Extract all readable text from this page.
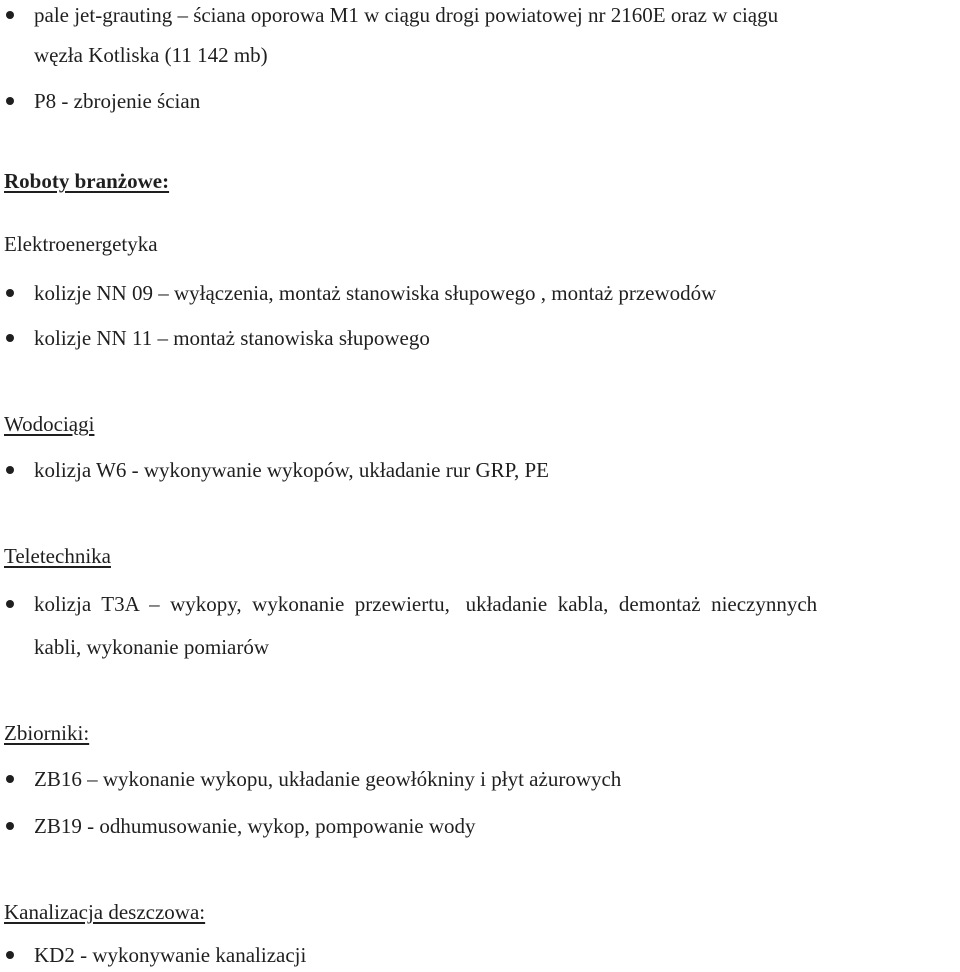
pale jet-grauting – ściana oporowa M1 w ciągu drogi powiatowej nr 2160E oraz w ciągu
węzła Kotliska (11 142 mb)
P8 - zbrojenie ścian
Roboty branżowe:
Elektroenergetyka
kolizje NN 09 – wyłączenia, montaż stanowiska słupowego , montaż przewodów
kolizje NN 11 – montaż stanowiska słupowego
Wodociągi
kolizja W6 - wykonywanie wykopów, układanie rur GRP, PE
Teletechnika
kolizja  T3A  –  wykopy,  wykonanie  przewiertu,   układanie  kabla,  demontaż  nieczynnych
kabli, wykonanie pomiarów
Zbiorniki:
ZB16 – wykonanie wykopu, układanie geowłókniny i płyt ażurowych
ZB19 - odhumusowanie, wykop, pompowanie wody
Kanalizacja deszczowa:
KD2 - wykonywanie kanalizacji
